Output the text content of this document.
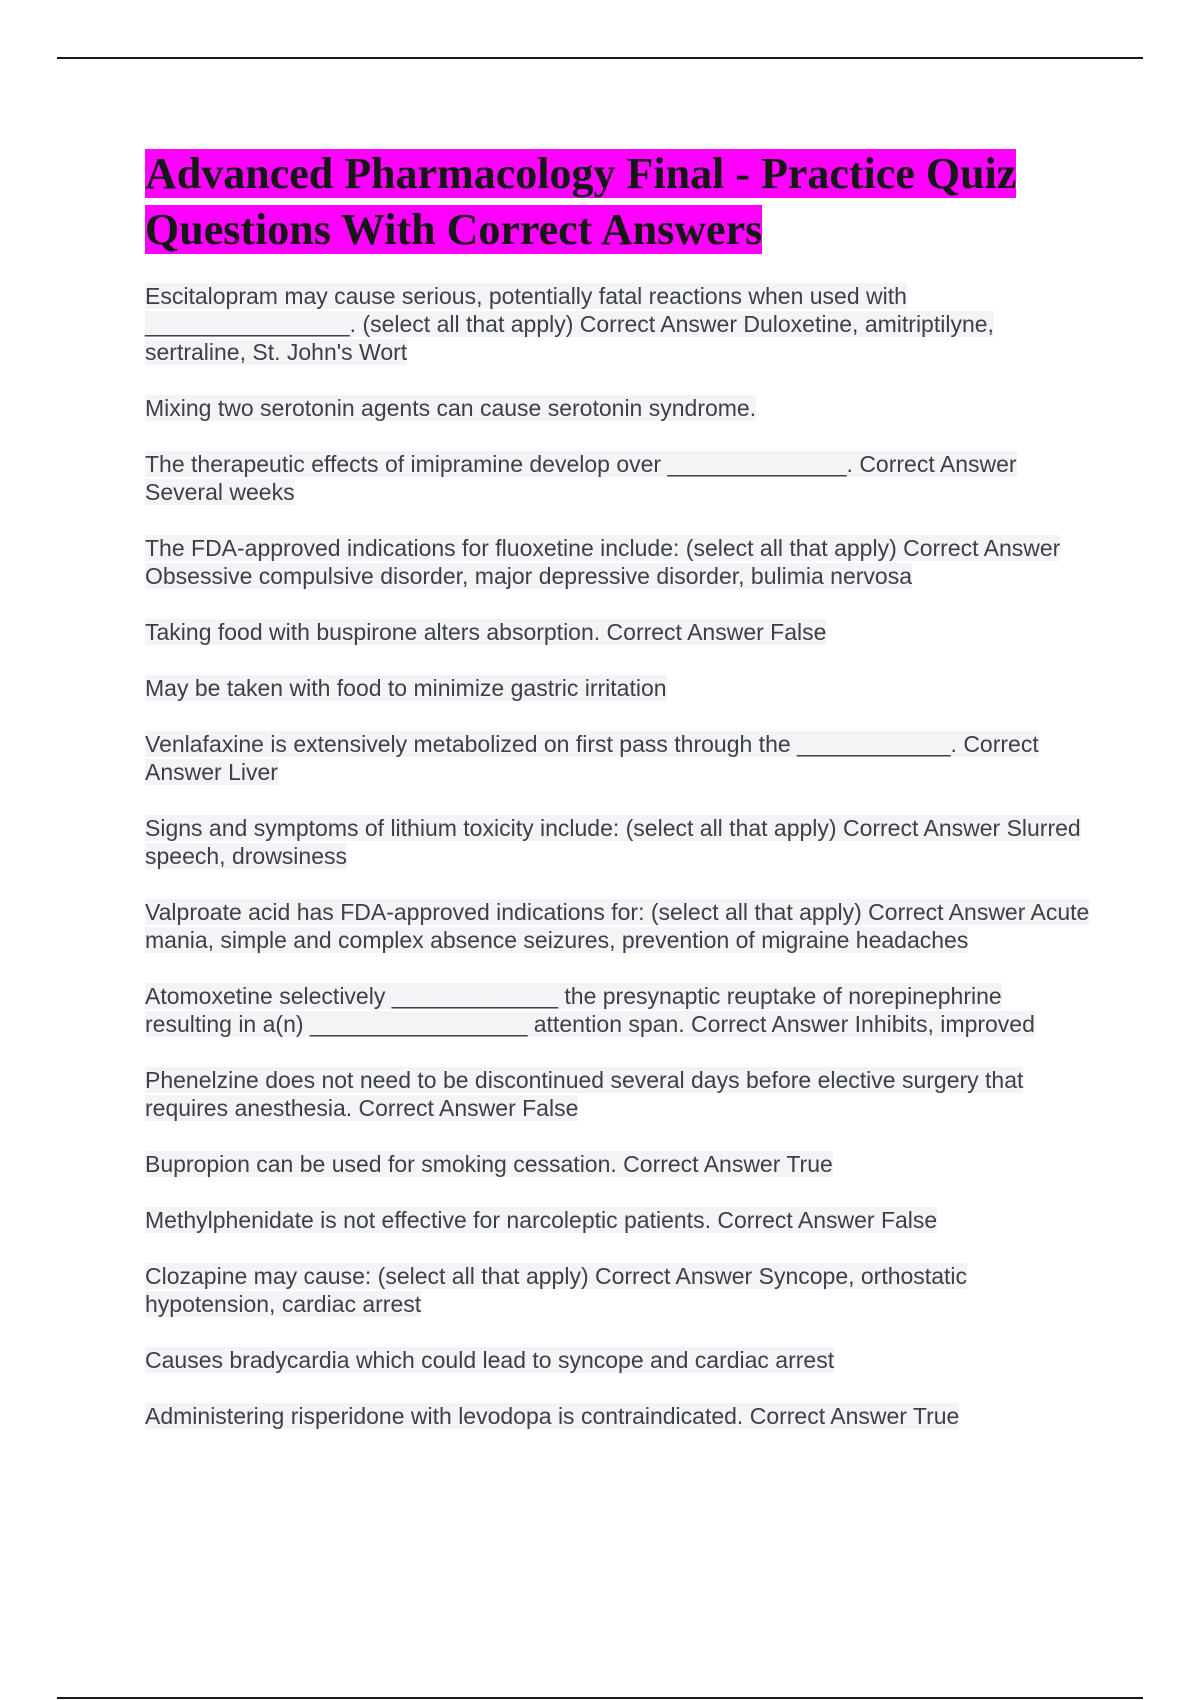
Advanced Pharmacology Final - Practice Quiz Questions With Correct Answers

Escitalopram may cause serious, potentially fatal reactions when used with ________________. (select all that apply) Correct Answer Duloxetine, amitriptilyne, sertraline, St. John's Wort

Mixing two serotonin agents can cause serotonin syndrome.

The therapeutic effects of imipramine develop over ______________. Correct Answer Several weeks

The FDA-approved indications for fluoxetine include: (select all that apply) Correct Answer Obsessive compulsive disorder, major depressive disorder, bulimia nervosa

Taking food with buspirone alters absorption. Correct Answer False

May be taken with food to minimize gastric irritation

Venlafaxine is extensively metabolized on first pass through the ____________. Correct Answer Liver

Signs and symptoms of lithium toxicity include: (select all that apply) Correct Answer Slurred speech, drowsiness

Valproate acid has FDA-approved indications for: (select all that apply) Correct Answer Acute mania, simple and complex absence seizures, prevention of migraine headaches

Atomoxetine selectively _____________ the presynaptic reuptake of norepinephrine resulting in a(n) _________________ attention span. Correct Answer Inhibits, improved

Phenelzine does not need to be discontinued several days before elective surgery that requires anesthesia. Correct Answer False

Bupropion can be used for smoking cessation. Correct Answer True

Methylphenidate is not effective for narcoleptic patients. Correct Answer False

Clozapine may cause: (select all that apply) Correct Answer Syncope, orthostatic hypotension, cardiac arrest

Causes bradycardia which could lead to syncope and cardiac arrest

Administering risperidone with levodopa is contraindicated. Correct Answer True
